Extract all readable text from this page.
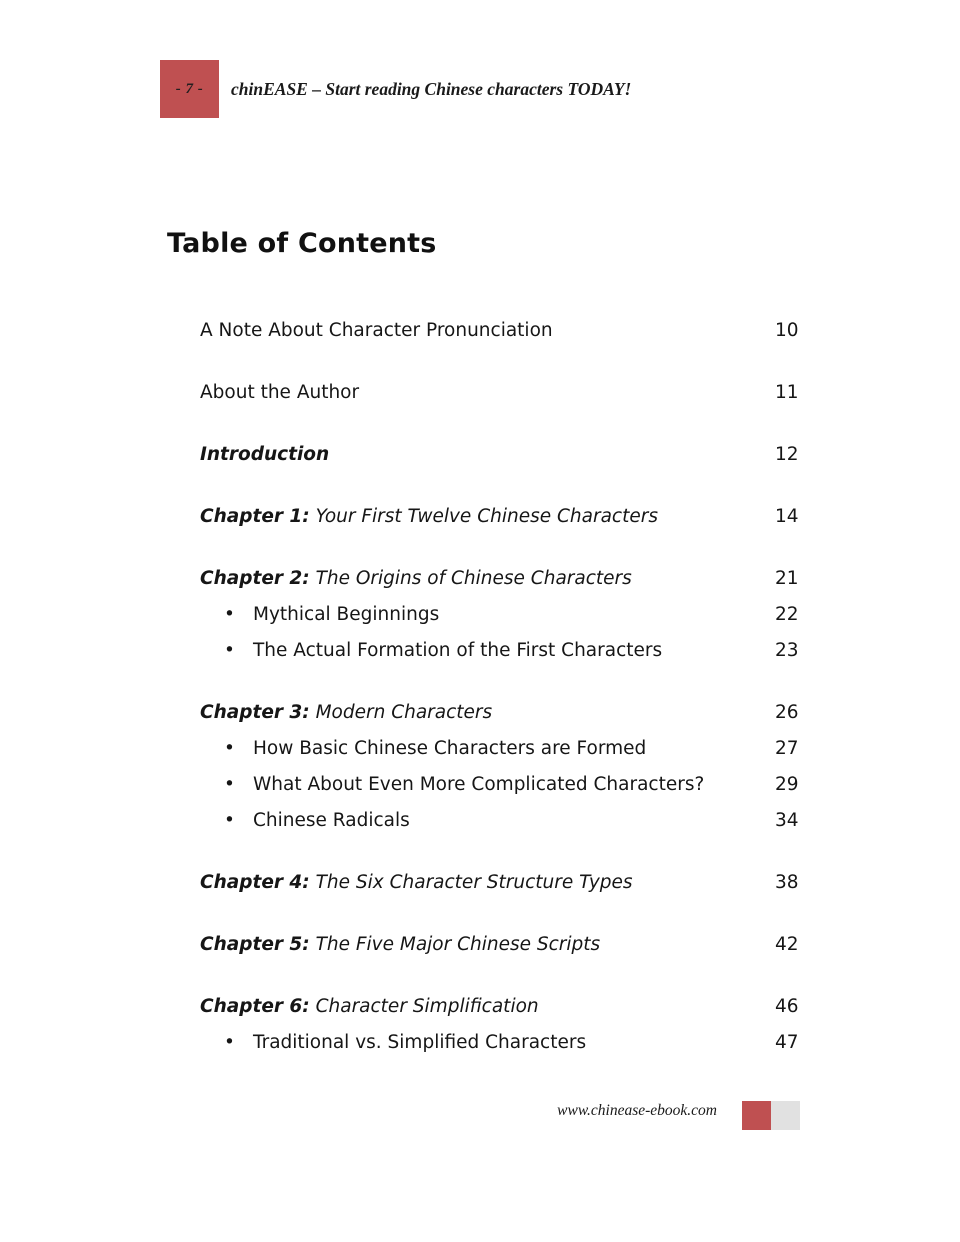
- 7 - chinEASE – Start reading Chinese characters TODAY!
Table of Contents
A Note About Character Pronunciation	10
About the Author	11
Introduction	12
Chapter 1: Your First Twelve Chinese Characters	14
Chapter 2: The Origins of Chinese Characters	21
• Mythical Beginnings	22
• The Actual Formation of the First Characters	23
Chapter 3: Modern Characters	26
• How Basic Chinese Characters are Formed	27
• What About Even More Complicated Characters?	29
• Chinese Radicals	34
Chapter 4: The Six Character Structure Types	38
Chapter 5: The Five Major Chinese Scripts	42
Chapter 6: Character Simplification	46
• Traditional vs. Simplified Characters	47
www.chinease-ebook.com
